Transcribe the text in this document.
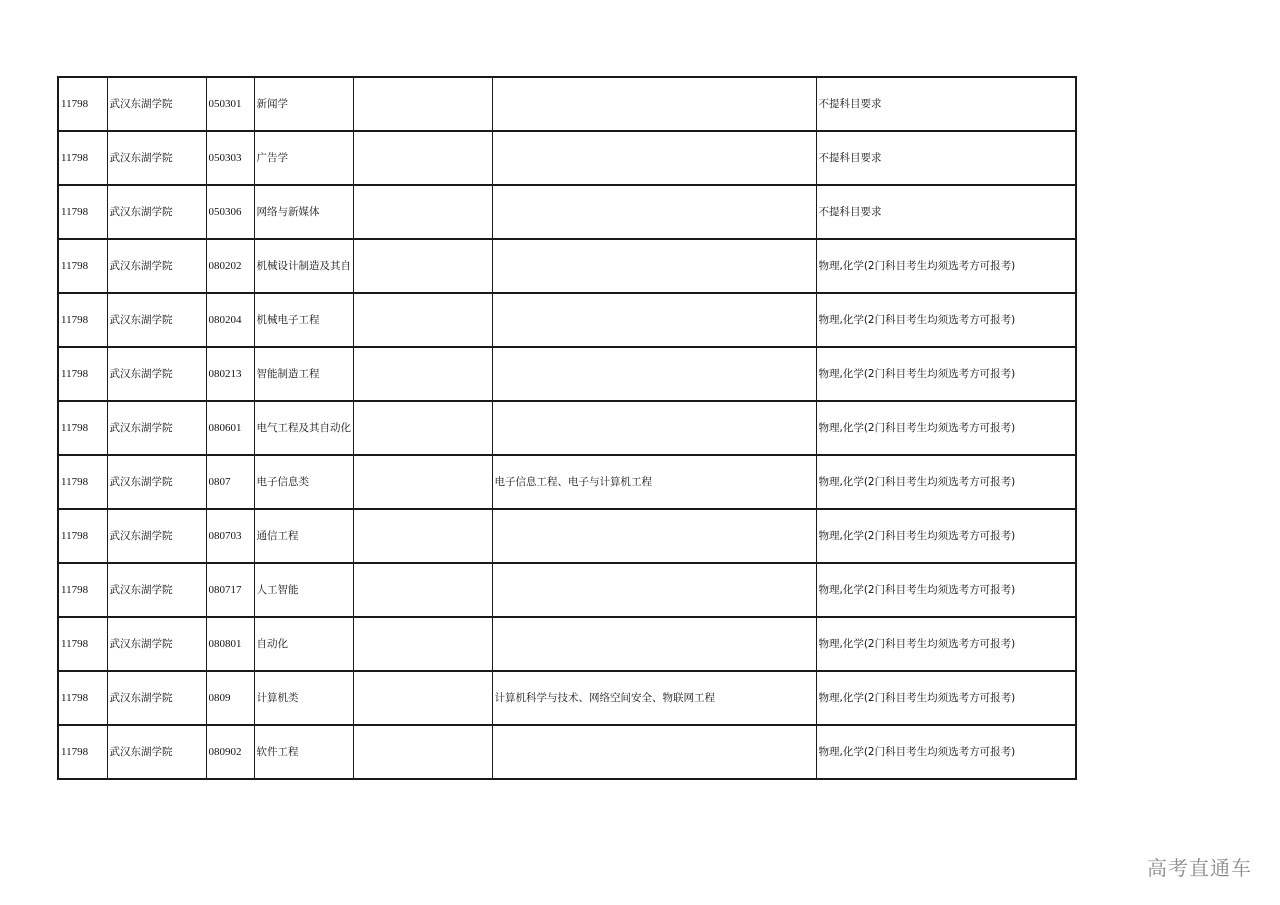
11798	武汉东湖学院	050301	新闻学			不提科目要求
11798	武汉东湖学院	050303	广告学			不提科目要求
11798	武汉东湖学院	050306	网络与新媒体			不提科目要求
11798	武汉东湖学院	080202	机械设计制造及其自			物理,化学(2门科目考生均须选考方可报考)
11798	武汉东湖学院	080204	机械电子工程			物理,化学(2门科目考生均须选考方可报考)
11798	武汉东湖学院	080213	智能制造工程			物理,化学(2门科目考生均须选考方可报考)
11798	武汉东湖学院	080601	电气工程及其自动化			物理,化学(2门科目考生均须选考方可报考)
11798	武汉东湖学院	0807	电子信息类		电子信息工程、电子与计算机工程	物理,化学(2门科目考生均须选考方可报考)
11798	武汉东湖学院	080703	通信工程			物理,化学(2门科目考生均须选考方可报考)
11798	武汉东湖学院	080717	人工智能			物理,化学(2门科目考生均须选考方可报考)
11798	武汉东湖学院	080801	自动化			物理,化学(2门科目考生均须选考方可报考)
11798	武汉东湖学院	0809	计算机类		计算机科学与技术、网络空间安全、物联网工程	物理,化学(2门科目考生均须选考方可报考)
11798	武汉东湖学院	080902	软件工程			物理,化学(2门科目考生均须选考方可报考)
高考直通车
